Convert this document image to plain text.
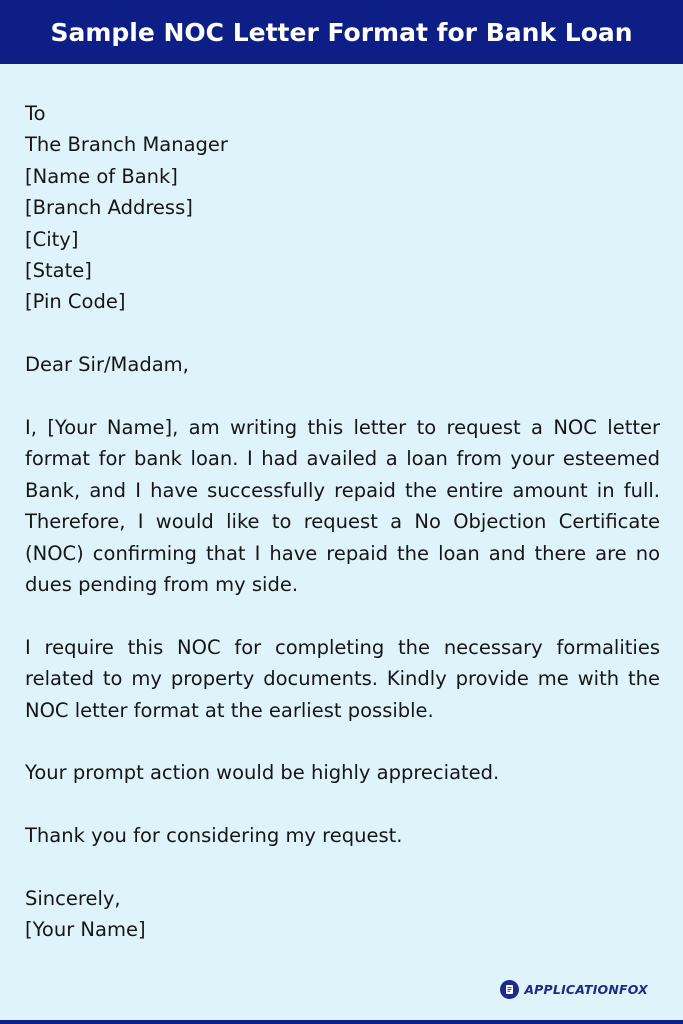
Sample NOC Letter Format for Bank Loan
To
The Branch Manager
[Name of Bank]
[Branch Address]
[City]
[State]
[Pin Code]

Dear Sir/Madam,

I, [Your Name], am writing this letter to request a NOC letter format for bank loan. I had availed a loan from your esteemed Bank, and I have successfully repaid the entire amount in full. Therefore, I would like to request a No Objection Certificate (NOC) confirming that I have repaid the loan and there are no dues pending from my side.

I require this NOC for completing the necessary formalities related to my property documents. Kindly provide me with the NOC letter format at the earliest possible.

Your prompt action would be highly appreciated.

Thank you for considering my request.

Sincerely,
[Your Name]
APPLICATIONFOX
